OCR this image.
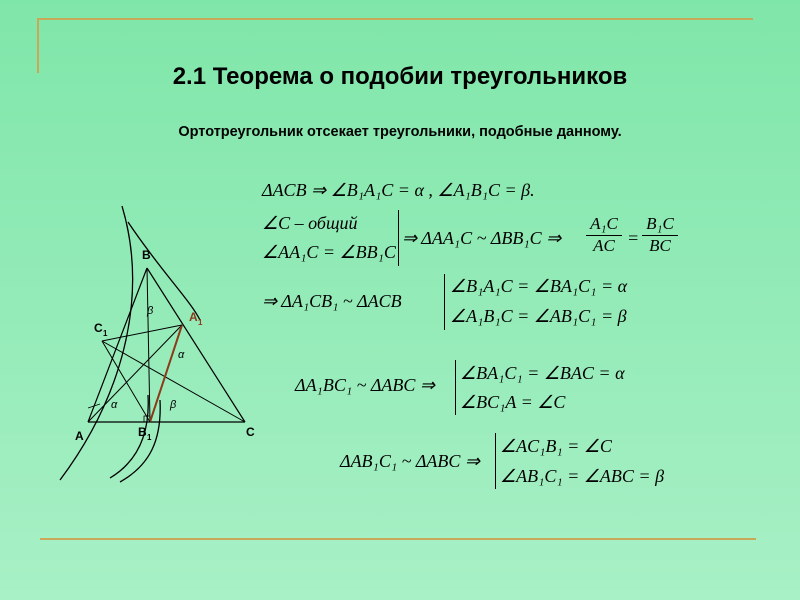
2.1 Теорема о подобии треугольников
Ортотреугольник отсекает треугольники, подобные данному.
B
A 1
C 1
A	B 1	C
β
α
α	β
ΔACB ⇒ ∠B₁A₁C = α , ∠A₁B₁C = β.
∠C – общий
∠AA₁C = ∠BB₁C
⇒ ΔAA₁C ~ ΔBB₁C ⇒ $\frac{\text{A₁C}}{AC} = \frac{\text{B₁C}}{BC}$
⇒ ΔA₁CB₁ ~ ΔACB
∠B₁A₁C = ∠BA₁C₁ = α
∠A₁B₁C = ∠AB₁C₁ = β
ΔA₁BC₁ ~ ΔABC ⇒
∠BA₁C₁ = ∠BAC = α
∠BC₁A = ∠C
ΔAB₁C₁ ~ ΔABC ⇒
∠AC₁B₁ = ∠C
∠AB₁C₁ = ∠ABC = β
